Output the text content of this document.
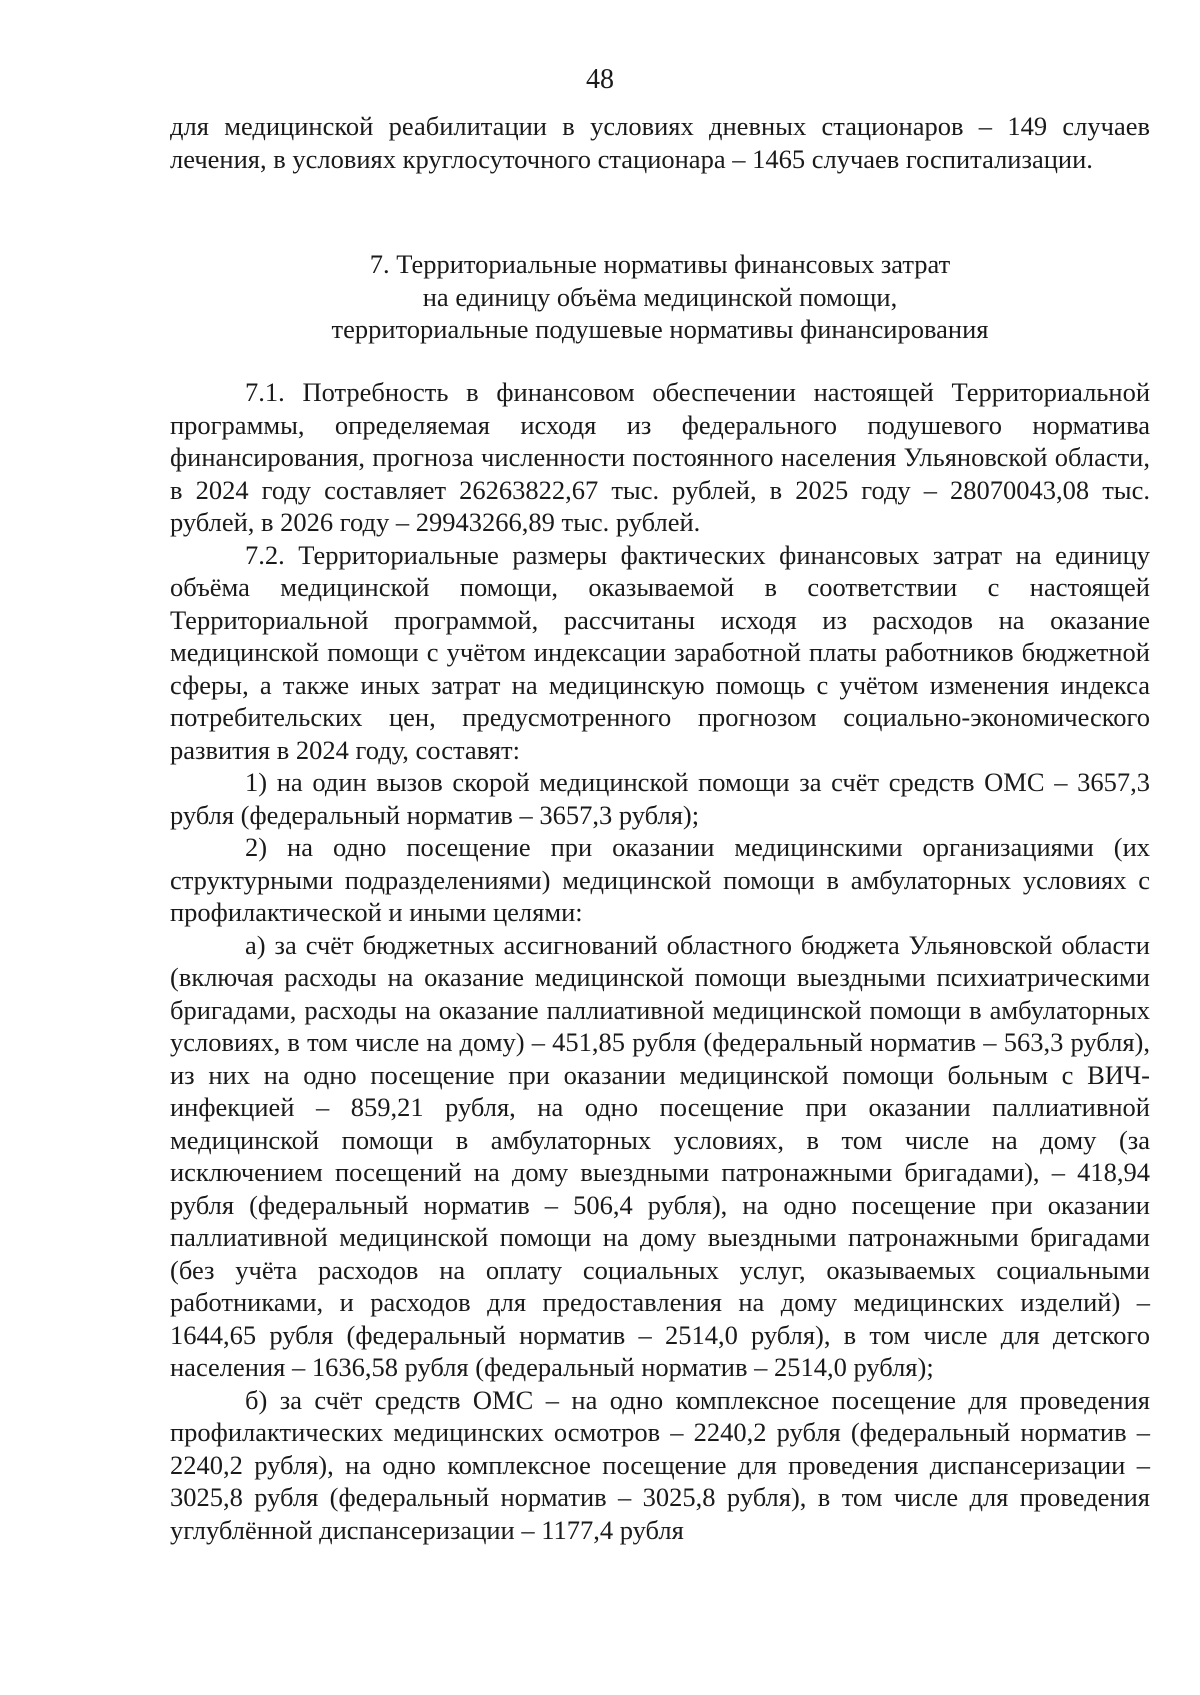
48

для медицинской реабилитации в условиях дневных стационаров – 149 случаев лечения, в условиях круглосуточного стационара – 1465 случаев госпитализации.

7. Территориальные нормативы финансовых затрат
на единицу объёма медицинской помощи,
территориальные подушевые нормативы финансирования

7.1. Потребность в финансовом обеспечении настоящей Территориальной программы, определяемая исходя из федерального подушевого норматива финансирования, прогноза численности постоянного населения Ульяновской области, в 2024 году составляет 26263822,67 тыс. рублей, в 2025 году – 28070043,08 тыс. рублей, в 2026 году – 29943266,89 тыс. рублей.

7.2. Территориальные размеры фактических финансовых затрат на единицу объёма медицинской помощи, оказываемой в соответствии с настоящей Территориальной программой, рассчитаны исходя из расходов на оказание медицинской помощи с учётом индексации заработной платы работников бюджетной сферы, а также иных затрат на медицинскую помощь с учётом изменения индекса потребительских цен, предусмотренного прогнозом социально-экономического развития в 2024 году, составят:

1) на один вызов скорой медицинской помощи за счёт средств ОМС – 3657,3 рубля (федеральный норматив – 3657,3 рубля);

2) на одно посещение при оказании медицинскими организациями (их структурными подразделениями) медицинской помощи в амбулаторных условиях с профилактической и иными целями:

а) за счёт бюджетных ассигнований областного бюджета Ульяновской области (включая расходы на оказание медицинской помощи выездными психиатрическими бригадами, расходы на оказание паллиативной медицинской помощи в амбулаторных условиях, в том числе на дому) – 451,85 рубля (федеральный норматив – 563,3 рубля), из них на одно посещение при оказании медицинской помощи больным с ВИЧ-инфекцией – 859,21 рубля, на одно посещение при оказании паллиативной медицинской помощи в амбулаторных условиях, в том числе на дому (за исключением посещений на дому выездными патронажными бригадами), – 418,94 рубля (федеральный норматив – 506,4 рубля), на одно посещение при оказании паллиативной медицинской помощи на дому выездными патронажными бригадами (без учёта расходов на оплату социальных услуг, оказываемых социальными работниками, и расходов для предоставления на дому медицинских изделий) – 1644,65 рубля (федеральный норматив – 2514,0 рубля), в том числе для детского населения – 1636,58 рубля (федеральный норматив – 2514,0 рубля);

б) за счёт средств ОМС – на одно комплексное посещение для проведения профилактических медицинских осмотров – 2240,2 рубля (федеральный норматив – 2240,2 рубля), на одно комплексное посещение для проведения диспансеризации – 3025,8 рубля (федеральный норматив – 3025,8 рубля), в том числе для проведения углублённой диспансеризации – 1177,4 рубля
